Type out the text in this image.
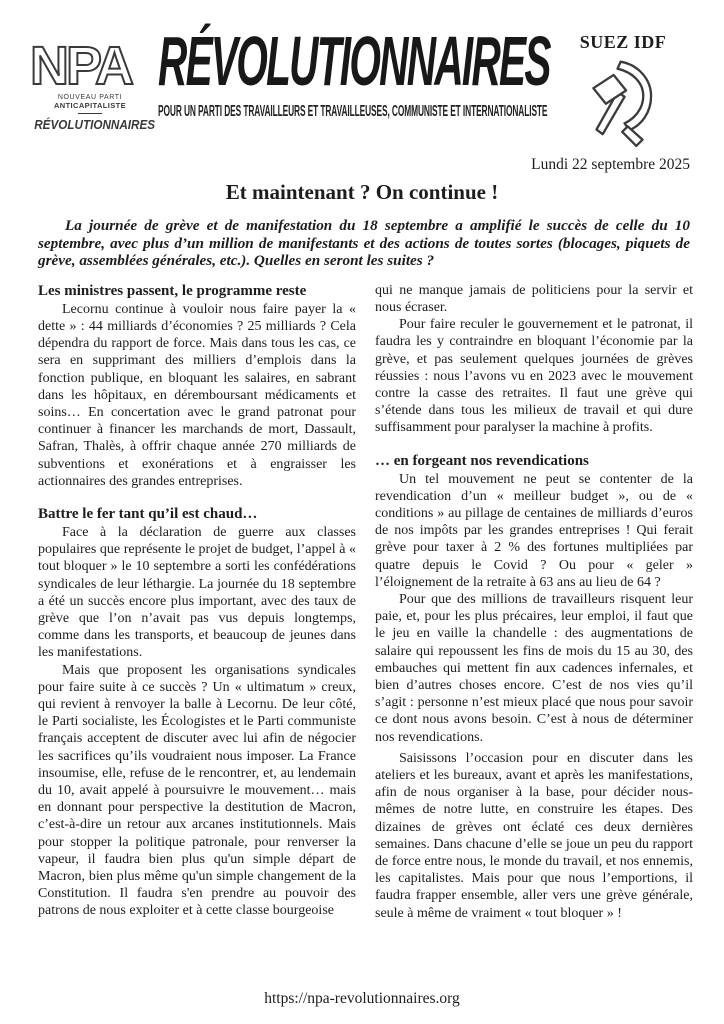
NPA
NOUVEAU PARTI
ANTICAPITALISTE
RÉVOLUTIONNAIRES
RÉVOLUTIONNAIRES
POUR UN PARTI DES TRAVAILLEURS ET TRAVAILLEUSES, COMMUNISTE ET INTERNATIONALISTE
SUEZ IDF
Lundi 22 septembre 2025
Et maintenant ? On continue !

La journée de grève et de manifestation du 18 septembre a amplifié le succès de celle du 10 septembre, avec plus d’un million de manifestants et des actions de toutes sortes (blocages, piquets de grève, assemblées générales, etc.). Quelles en seront les suites ?

Les ministres passent, le programme reste

Lecornu continue à vouloir nous faire payer la « dette » : 44 milliards d’économies ? 25 milliards ? Cela dépendra du rapport de force. Mais dans tous les cas, ce sera en supprimant des milliers d’emplois dans la fonction publique, en bloquant les salaires, en sabrant dans les hôpitaux, en déremboursant médicaments et soins… En concertation avec le grand patronat pour continuer à financer les marchands de mort, Dassault, Safran, Thalès, à offrir chaque année 270 milliards de subventions et exonérations et à engraisser les actionnaires des grandes entreprises.

Battre le fer tant qu’il est chaud…

Face à la déclaration de guerre aux classes populaires que représente le projet de budget, l’appel à « tout bloquer » le 10 septembre a sorti les confédérations syndicales de leur léthargie. La journée du 18 septembre a été un succès encore plus important, avec des taux de grève que l’on n’avait pas vus depuis longtemps, comme dans les transports, et beaucoup de jeunes dans les manifestations.

Mais que proposent les organisations syndicales pour faire suite à ce succès ? Un « ultimatum » creux, qui revient à renvoyer la balle à Lecornu. De leur côté, le Parti socialiste, les Écologistes et le Parti communiste français acceptent de discuter avec lui afin de négocier les sacrifices qu’ils voudraient nous imposer. La France insoumise, elle, refuse de le rencontrer, et, au lendemain du 10, avait appelé à poursuivre le mouvement… mais en donnant pour perspective la destitution de Macron, c’est-à-dire un retour aux arcanes institutionnels. Mais pour stopper la politique patronale, pour renverser la vapeur, il faudra bien plus qu'un simple départ de Macron, bien plus même qu'un simple changement de la Constitution. Il faudra s'en prendre au pouvoir des patrons de nous exploiter et à cette classe bourgeoise

qui ne manque jamais de politiciens pour la servir et nous écraser.

Pour faire reculer le gouvernement et le patronat, il faudra les y contraindre en bloquant l’économie par la grève, et pas seulement quelques journées de grèves réussies : nous l’avons vu en 2023 avec le mouvement contre la casse des retraites. Il faut une grève qui s’étende dans tous les milieux de travail et qui dure suffisamment pour paralyser la machine à profits.

… en forgeant nos revendications

Un tel mouvement ne peut se contenter de la revendication d’un « meilleur budget », ou de « conditions » au pillage de centaines de milliards d’euros de nos impôts par les grandes entreprises ! Qui ferait grève pour taxer à 2 % des fortunes multipliées par quatre depuis le Covid ? Ou pour « geler » l’éloignement de la retraite à 63 ans au lieu de 64 ?

Pour que des millions de travailleurs risquent leur paie, et, pour les plus précaires, leur emploi, il faut que le jeu en vaille la chandelle : des augmentations de salaire qui repoussent les fins de mois du 15 au 30, des embauches qui mettent fin aux cadences infernales, et bien d’autres choses encore. C’est de nos vies qu’il s’agit : personne n’est mieux placé que nous pour savoir ce dont nous avons besoin. C’est à nous de déterminer nos revendications.

Saisissons l’occasion pour en discuter dans les ateliers et les bureaux, avant et après les manifestations, afin de nous organiser à la base, pour décider nous-mêmes de notre lutte, en construire les étapes. Des dizaines de grèves ont éclaté ces deux dernières semaines. Dans chacune d’elle se joue un peu du rapport de force entre nous, le monde du travail, et nos ennemis, les capitalistes. Mais pour que nous l’emportions, il faudra frapper ensemble, aller vers une grève générale, seule à même de vraiment « tout bloquer » !

https://npa-revolutionnaires.org
